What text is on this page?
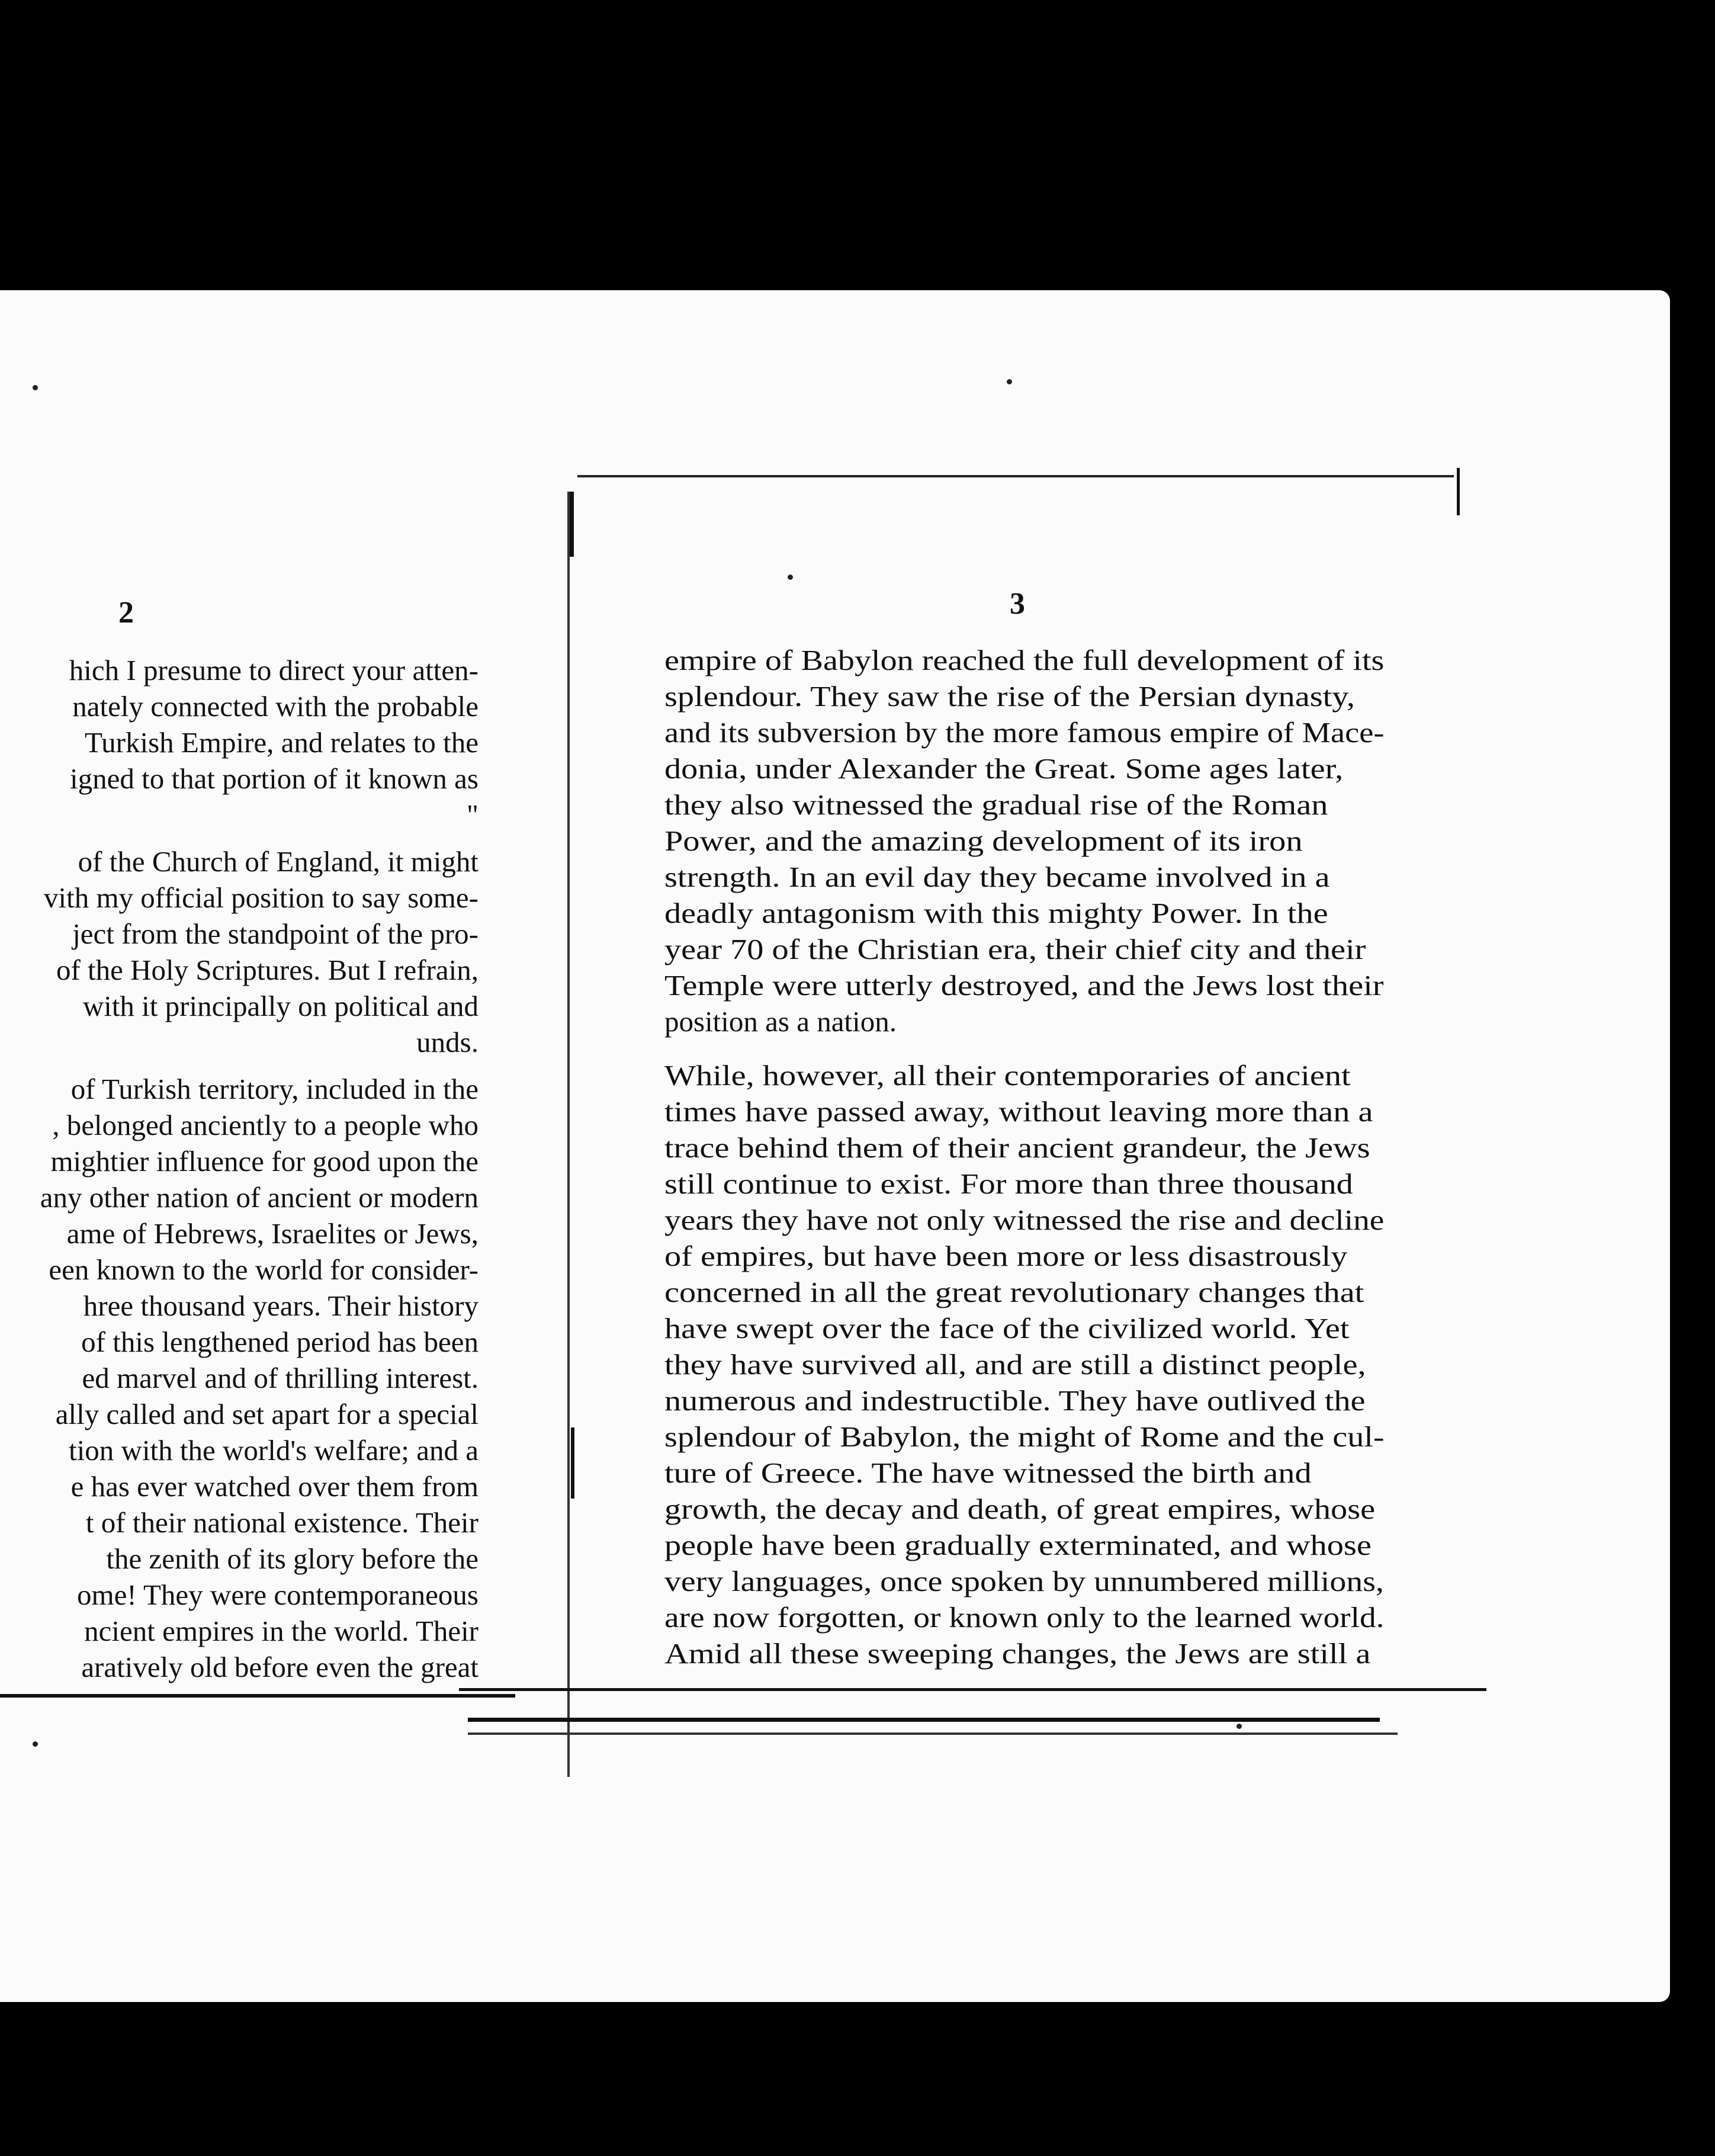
2
hich I presume to direct your atten-
nately connected with the probable
Turkish Empire, and relates to the
igned to that portion of it known as
"
of the Church of England, it might
vith my official position to say some-
ject from the standpoint of the pro-
of the Holy Scriptures. But I refrain,
with it principally on political and
unds.
of Turkish territory, included in the
, belonged anciently to a people who
mightier influence for good upon the
any other nation of ancient or modern
ame of Hebrews, Israelites or Jews,
een known to the world for consider-
hree thousand years. Their history
of this lengthened period has been
ed marvel and of thrilling interest.
ally called and set apart for a special
tion with the world's welfare; and a
e has ever watched over them from
t of their national existence. Their
the zenith of its glory before the
ome! They were contemporaneous
ncient empires in the world. Their
aratively old before even the great
3
empire of Babylon reached the full development of its
splendour. They saw the rise of the Persian dynasty,
and its subversion by the more famous empire of Mace-
donia, under Alexander the Great. Some ages later,
they also witnessed the gradual rise of the Roman
Power, and the amazing development of its iron
strength. In an evil day they became involved in a
deadly antagonism with this mighty Power. In the
year 70 of the Christian era, their chief city and their
Temple were utterly destroyed, and the Jews lost their
position as a nation.
While, however, all their contemporaries of ancient
times have passed away, without leaving more than a
trace behind them of their ancient grandeur, the Jews
still continue to exist. For more than three thousand
years they have not only witnessed the rise and decline
of empires, but have been more or less disastrously
concerned in all the great revolutionary changes that
have swept over the face of the civilized world. Yet
they have survived all, and are still a distinct people,
numerous and indestructible. They have outlived the
splendour of Babylon, the might of Rome and the cul-
ture of Greece. The have witnessed the birth and
growth, the decay and death, of great empires, whose
people have been gradually exterminated, and whose
very languages, once spoken by unnumbered millions,
are now forgotten, or known only to the learned world.
Amid all these sweeping changes, the Jews are still a
